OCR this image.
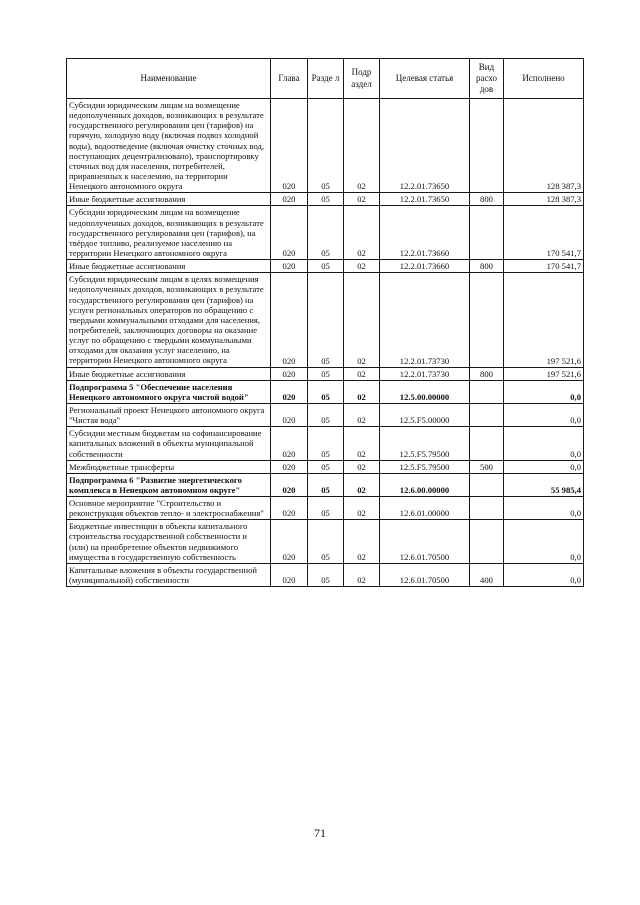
Наименование	Глава	Разде л	Подр аздел	Целевая статья	Вид расхо дов	Исполнено
Субсидии юридическим лицам на возмещение недополученных доходов, возникающих в результате государственного регулирования цен (тарифов) на горячую, холодную воду (включая подвоз холодной воды), водоотведение (включая очистку сточных вод, поступающих децентрализовано), транспортировку сточных вод для населения, потребителей, приравненных к населению, на территории Ненецкого автономного округа	020	05	02	12.2.01.73650		128 387,3
Иные бюджетные ассигнования	020	05	02	12.2.01.73650	800	128 387,3
Субсидии юридическим лицам на возмещение недополученных доходов, возникающих в результате государственного регулирования цен (тарифов), на твёрдое топливо, реализуемое населению на территории Ненецкого автономного округа	020	05	02	12.2.01.73660		170 541,7
Иные бюджетные ассигнования	020	05	02	12.2.01.73660	800	170 541,7
Субсидии юридическим лицам в целях возмещения недополученных доходов, возникающих в результате государственного регулирования цен (тарифов) на услуги региональных операторов по обращению с твердыми коммунальными отходами для населения, потребителей, заключающих договоры на оказание услуг по обращению с твердыми коммунальными отходами для оказания услуг населению, на территории Ненецкого автономного округа	020	05	02	12.2.01.73730		197 521,6
Иные бюджетные ассигнования	020	05	02	12.2.01.73730	800	197 521,6
Подпрограмма 5 "Обеспечение населения Ненецкого автономного округа чистой водой"	020	05	02	12.5.00.00000		0,0
Региональный проект Ненецкого автономного округа "Чистая вода"	020	05	02	12.5.F5.00000		0,0
Субсидии местным бюджетам на софинансирование капитальных вложений в объекты муниципальной собственности	020	05	02	12.5.F5.79500		0,0
Межбюджетные трансферты	020	05	02	12.5.F5.79500	500	0,0
Подпрограмма 6 "Развитие энергетического комплекса в Ненецком автономном округе"	020	05	02	12.6.00.00000		55 985,4
Основное мероприятие "Строительство и реконструкция объектов тепло- и электроснабжения"	020	05	02	12.6.01.00000		0,0
Бюджетные инвестиции в объекты капитального строительства государственной собственности и (или) на приобретение объектов недвижимого имущества в государственную собственность	020	05	02	12.6.01.70500		0,0
Капитальные вложения в объекты государственной (муниципальной) собственности	020	05	02	12.6.01.70500	400	0,0
71
